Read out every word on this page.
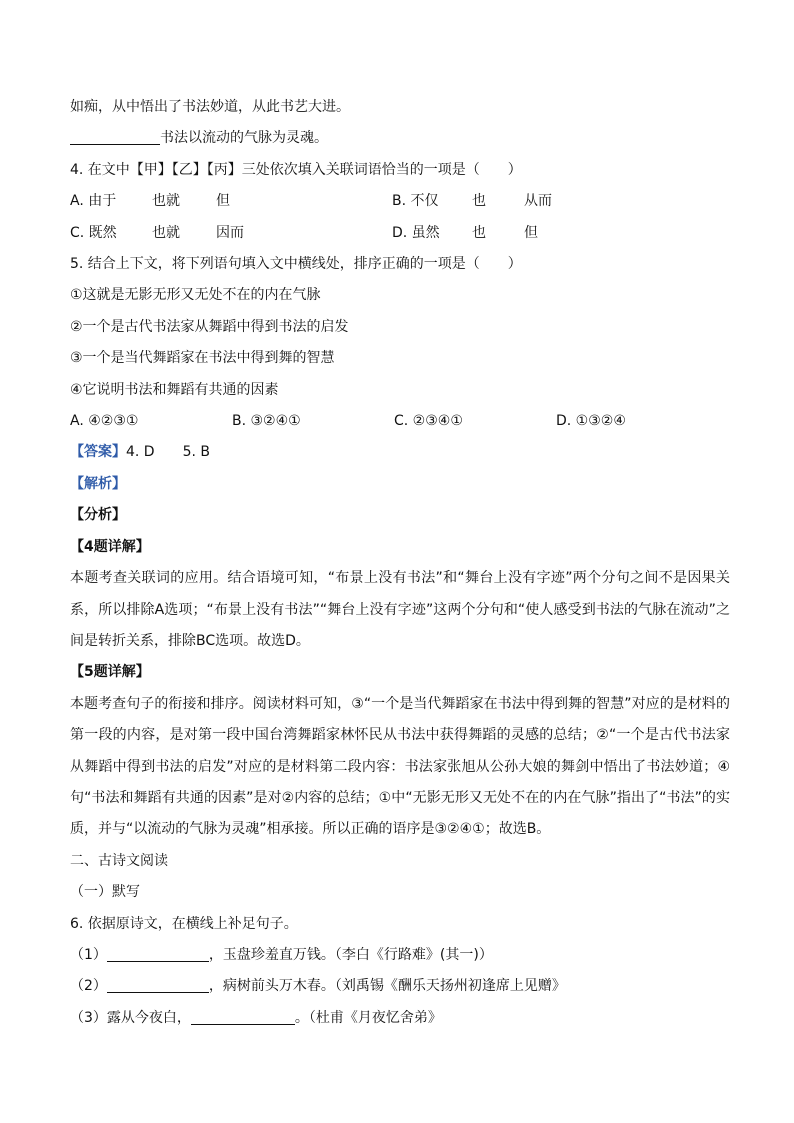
如痴，从中悟出了书法妙道，从此书艺大进。
书法以流动的气脉为灵魂。
4. 在文中【甲】【乙】【丙】三处依次填入关联词语恰当的一项是（　　）
A. 由于	也就	但	B. 不仅 也	从而
C. 既然	也就	因而	D. 虽然 也	但
5. 结合上下文，将下列语句填入文中横线处，排序正确的一项是（　　）
①这就是无影无形又无处不在的内在气脉
②一个是古代书法家从舞蹈中得到书法的启发
③一个是当代舞蹈家在书法中得到舞的智慧
④它说明书法和舞蹈有共通的因素
A. ④②③①	B. ③②④①	C. ②③④①	D. ①③②④
【答案】4. D　　5. B
【解析】
【分析】
【4题详解】

本题考查关联词的应用。结合语境可知，“布景上没有书法”和“舞台上没有字迹”两个分句之间不是因果关系，所以排除A选项；“布景上没有书法”“舞台上没有字迹”这两个分句和“使人感受到书法的气脉在流动”之间是转折关系，排除BC选项。故选D。

【5题详解】

本题考查句子的衔接和排序。阅读材料可知，③“一个是当代舞蹈家在书法中得到舞的智慧”对应的是材料的第一段的内容，是对第一段中国台湾舞蹈家林怀民从书法中获得舞蹈的灵感的总结；②“一个是古代书法家从舞蹈中得到书法的启发”对应的是材料第二段内容：书法家张旭从公孙大娘的舞剑中悟出了书法妙道；④句“书法和舞蹈有共通的因素”是对②内容的总结；①中“无影无形又无处不在的内在气脉”指出了“书法”的实质，并与“以流动的气脉为灵魂”相承接。所以正确的语序是③②④①；故选B。

二、古诗文阅读
（一）默写
6. 依据原诗文，在横线上补足句子。
（1）	，玉盘珍羞直万钱。（李白《行路难》(其一)）
（2）	，病树前头万木春。（刘禹锡《酬乐天扬州初逢席上见赠》
（3）露从今夜白，	。（杜甫《月夜忆舍弟》
